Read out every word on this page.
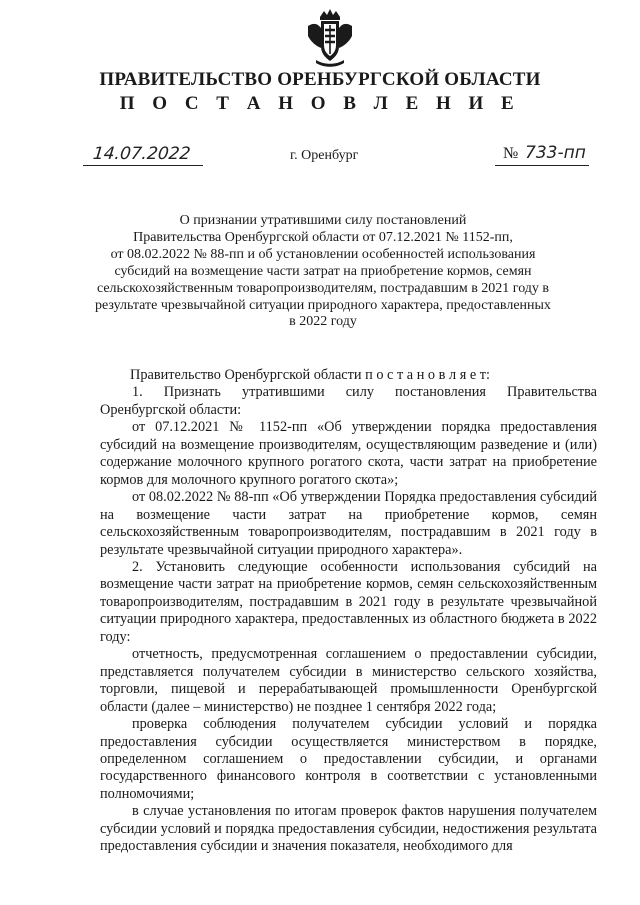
ПРАВИТЕЛЬСТВО ОРЕНБУРГСКОЙ ОБЛАСТИ
П О С Т А Н О В Л Е Н И Е
14.07.2022	г. Оренбург	№ 733-пп
О признании утратившими силу постановлений
Правительства Оренбургской области от 07.12.2021 № 1152-пп,
от 08.02.2022 № 88-пп и об установлении особенностей использования
субсидий на возмещение части затрат на приобретение кормов, семян
сельскохозяйственным товаропроизводителям, пострадавшим в 2021 году в
результате чрезвычайной ситуации природного характера, предоставленных
в 2022 году

Правительство Оренбургской области п о с т а н о в л я е т:

1. Признать утратившими силу постановления Правительства Оренбургской области:

от 07.12.2021 № 1152-пп «Об утверждении порядка предоставления субсидий на возмещение производителям, осуществляющим разведение и (или) содержание молочного крупного рогатого скота, части затрат на приобретение кормов для молочного крупного рогатого скота»;

от 08.02.2022 № 88-пп «Об утверждении Порядка предоставления субсидий на возмещение части затрат на приобретение кормов, семян сельскохозяйственным товаропроизводителям, пострадавшим в 2021 году в результате чрезвычайной ситуации природного характера».

2. Установить следующие особенности использования субсидий на возмещение части затрат на приобретение кормов, семян сельскохозяйственным товаропроизводителям, пострадавшим в 2021 году в результате чрезвычайной ситуации природного характера, предоставленных из областного бюджета в 2022 году:

отчетность, предусмотренная соглашением о предоставлении субсидии, представляется получателем субсидии в министерство сельского хозяйства, торговли, пищевой и перерабатывающей промышленности Оренбургской области (далее – министерство) не позднее 1 сентября 2022 года;

проверка соблюдения получателем субсидии условий и порядка предоставления субсидии осуществляется министерством в порядке, определенном соглашением о предоставлении субсидии, и органами государственного финансового контроля в соответствии с установленными полномочиями;

в случае установления по итогам проверок фактов нарушения получателем субсидии условий и порядка предоставления субсидии, недостижения результата предоставления субсидии и значения показателя, необходимого для
